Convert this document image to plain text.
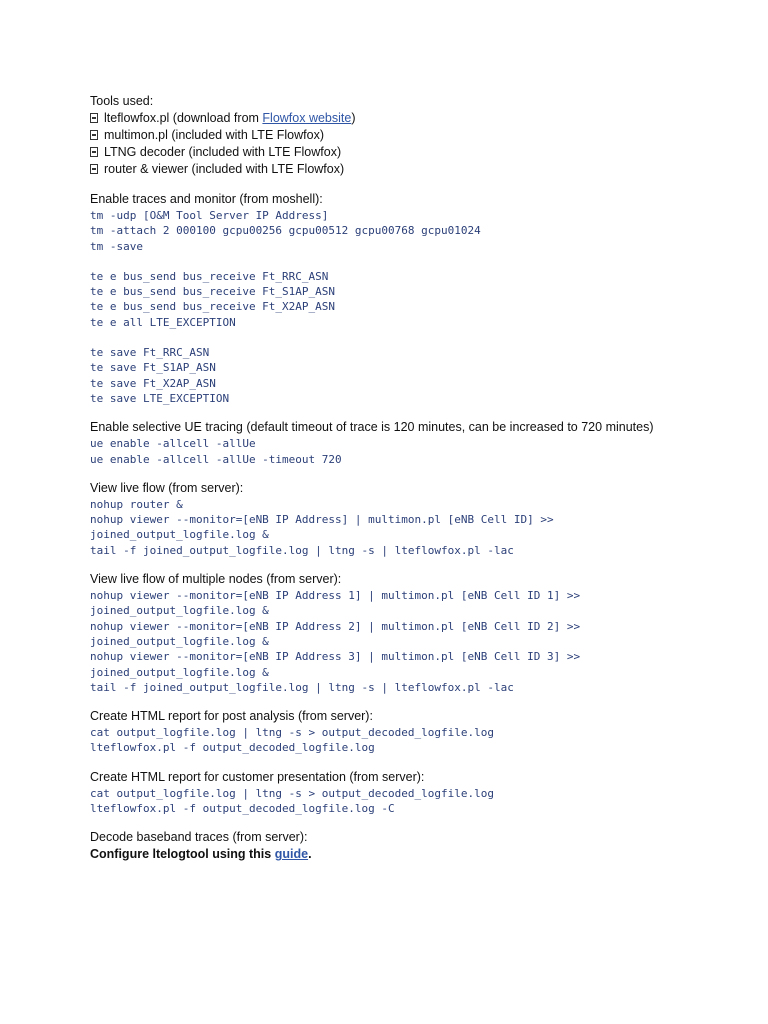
Tools used:
lteflowfox.pl (download from Flowfox website)
multimon.pl (included with LTE Flowfox)
LTNG decoder (included with LTE Flowfox)
router & viewer (included with LTE Flowfox)
Enable traces and monitor (from moshell):
tm -udp [O&M Tool Server IP Address]
tm -attach 2 000100 gcpu00256 gcpu00512 gcpu00768 gcpu01024
tm -save
te e bus_send bus_receive Ft_RRC_ASN
te e bus_send bus_receive Ft_S1AP_ASN
te e bus_send bus_receive Ft_X2AP_ASN
te e all LTE_EXCEPTION
te save Ft_RRC_ASN
te save Ft_S1AP_ASN
te save Ft_X2AP_ASN
te save LTE_EXCEPTION
Enable selective UE tracing (default timeout of trace is 120 minutes, can be increased to 720 minutes)
ue enable -allcell -allUe
ue enable -allcell -allUe -timeout 720
View live flow (from server):
nohup router &
nohup viewer --monitor=[eNB IP Address] | multimon.pl [eNB Cell ID] >>
joined_output_logfile.log &
tail -f joined_output_logfile.log | ltng -s | lteflowfox.pl -lac
View live flow of multiple nodes (from server):
nohup viewer --monitor=[eNB IP Address 1] | multimon.pl [eNB Cell ID 1] >>
joined_output_logfile.log &
nohup viewer --monitor=[eNB IP Address 2] | multimon.pl [eNB Cell ID 2] >>
joined_output_logfile.log &
nohup viewer --monitor=[eNB IP Address 3] | multimon.pl [eNB Cell ID 3] >>
joined_output_logfile.log &
tail -f joined_output_logfile.log | ltng -s | lteflowfox.pl -lac
Create HTML report for post analysis (from server):
cat output_logfile.log | ltng -s > output_decoded_logfile.log
lteflowfox.pl -f output_decoded_logfile.log
Create HTML report for customer presentation (from server):
cat output_logfile.log | ltng -s > output_decoded_logfile.log
lteflowfox.pl -f output_decoded_logfile.log -C
Decode baseband traces (from server):
Configure ltelogtool using this guide.
